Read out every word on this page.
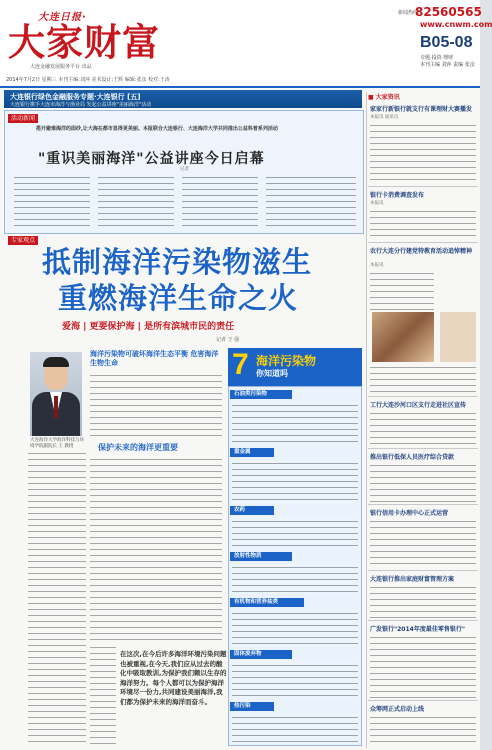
大连日报·
大家财富
大连金融发展服务平台 出品
2014年7月2日 星期三 本刊主编:刘萍 美术设计:王辉 编辑:张彦 校对:王涛
新闻热线:
82560565
www.cnwm.com
B05-08
专题·投资·理财
本刊主编 刘萍 责编 张彦
大连银行绿色金融服务专题·大连银行 [五]
大连银行携手大连市海洋与渔业局 发起公益讲座"美丽海洋"活动
活动新闻
搭开避难海洋的面纱,让大海在都市显得更美丽。本报联合大连银行、大连海洋大学共同推出公益科普系列活动
"重识美丽海洋"公益讲座今日启幕
记者
专家观点
抵制海洋污染物滋生
重燃海洋生命之火
爱海 | 更要保护海 | 是所有滨城市民的责任
记者 王 强
大连海洋大学海洋科技与环境学院副院长 王 教授
海洋污染物可破坏海洋生态平衡 危害海洋生物生命
保护未来的海洋更重要
在这次,在今后许多海洋环境污染问题也被重视,在今天,我们应从过去的酸化中吸取教训,为保护我们赖以生存的海洋努力。每个人都可以为保护海洋环境尽一份力,共同建设美丽海洋,我们都为保护未来的海洋而奋斗。
7 海洋污染物
你知道吗
石油类污染物
重金属
农药
放射性物质
有机物和营养盐类
固体废弃物
热污染
■ 大家资讯
家家行新银行就支行有课理财大赛播发
本报讯 通讯员
银行卡消费调查发布
本报讯
农行大连分行建党特教育活动追悼精神
本报讯
工行大连沙河口区支行走进社区宣传
推出银行低保人员医疗综合贷款
银行信用卡办理中心正式运营
大连银行推出家庭财富管理方案
广发银行"2014年度最佳零售银行"
众筹网正式启动上线
